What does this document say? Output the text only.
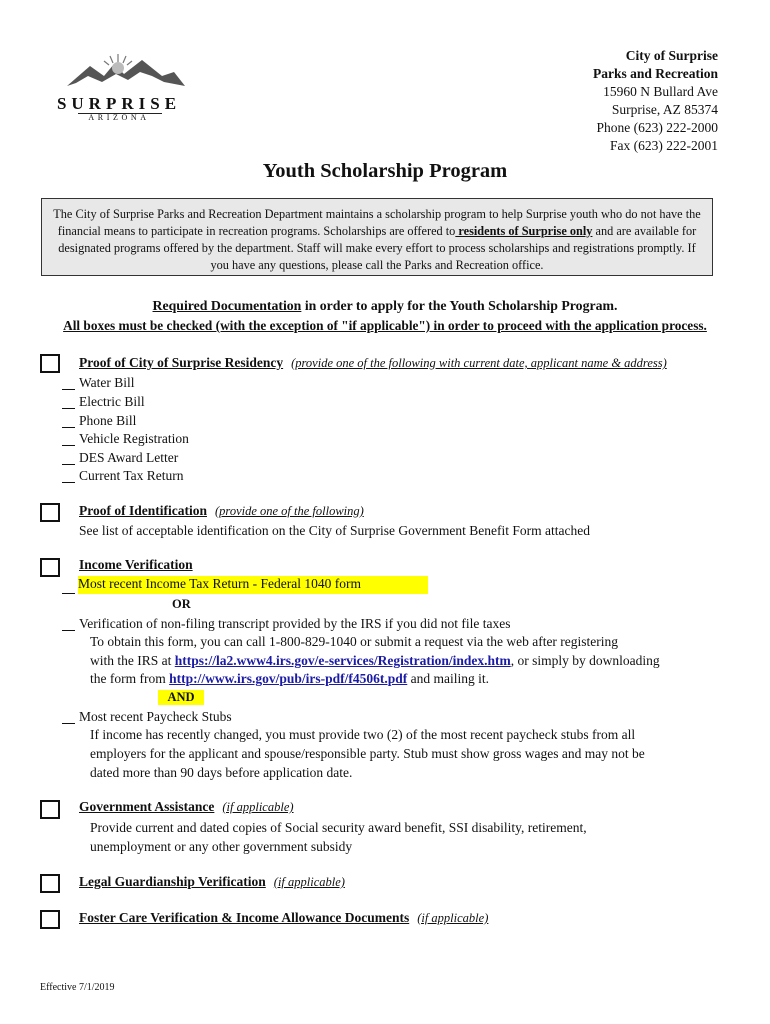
SURPRISE
ARIZONA
City of Surprise
Parks and Recreation
15960 N Bullard Ave
Surprise, AZ 85374
Phone (623) 222-2000
Fax (623) 222-2001
Youth Scholarship Program
The City of Surprise Parks and Recreation Department maintains a scholarship program to help Surprise youth who do not have the financial means to participate in recreation programs. Scholarships are offered to residents of Surprise only and are available for designated programs offered by the department. Staff will make every effort to process scholarships and registrations promptly. If you have any questions, please call the Parks and Recreation office.
Required Documentation in order to apply for the Youth Scholarship Program.
All boxes must be checked (with the exception of "if applicable") in order to proceed with the application process.
Proof of City of Surprise Residency (provide one of the following with current date, applicant name & address)
Water Bill
Electric Bill
Phone Bill
Vehicle Registration
DES Award Letter
Current Tax Return
Proof of Identification (provide one of the following)
See list of acceptable identification on the City of Surprise Government Benefit Form attached
Income Verification
Most recent Income Tax Return - Federal 1040 form
OR
Verification of non-filing transcript provided by the IRS if you did not file taxes
To obtain this form, you can call 1-800-829-1040 or submit a request via the web after registering
with the IRS at https://la2.www4.irs.gov/e-services/Registration/index.htm, or simply by downloading
the form from http://www.irs.gov/pub/irs-pdf/f4506t.pdf and mailing it.
AND
Most recent Paycheck Stubs
If income has recently changed, you must provide two (2) of the most recent paycheck stubs from all
employers for the applicant and spouse/responsible party. Stub must show gross wages and may not be
dated more than 90 days before application date.
Government Assistance (if applicable)
Provide current and dated copies of Social security award benefit, SSI disability, retirement,
unemployment or any other government subsidy
Legal Guardianship Verification (if applicable)
Foster Care Verification & Income Allowance Documents (if applicable)
Effective 7/1/2019
